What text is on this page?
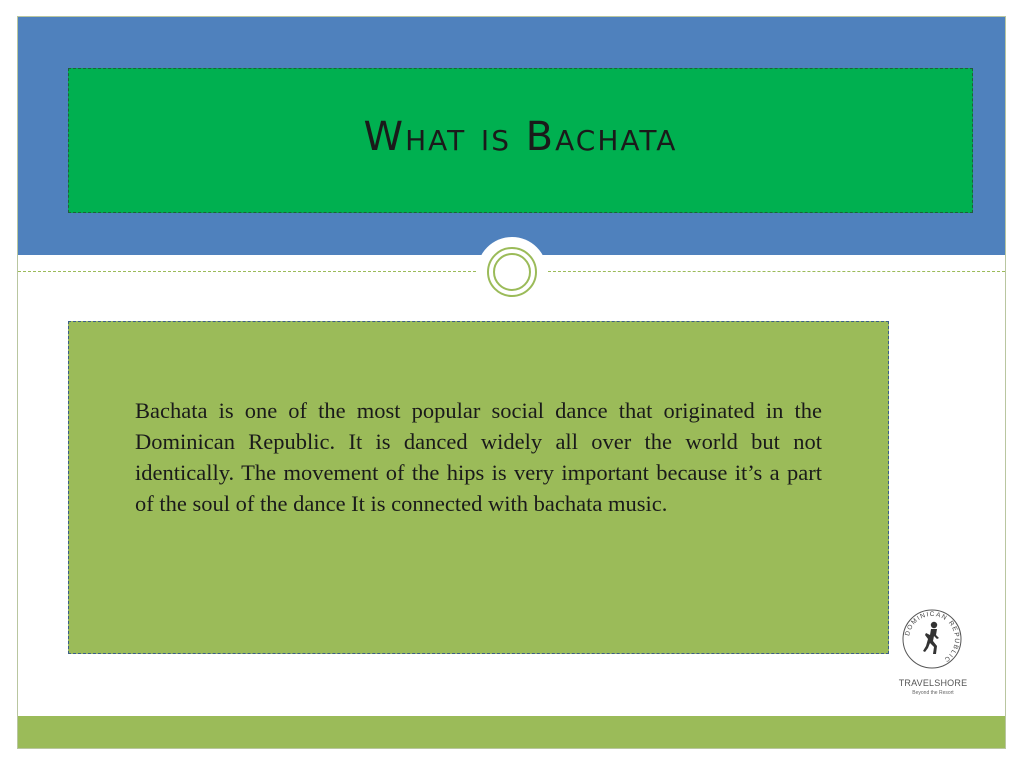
What is Bachata

Bachata is one of the most popular social dance that originated in the Dominican Republic. It is danced widely all over the world but not identically. The movement of the hips is very important because it’s a part of the soul of the dance It is connected with bachata music.

DOMINICAN REPUBLIC
TRAVELSHORE
Beyond the Resort
